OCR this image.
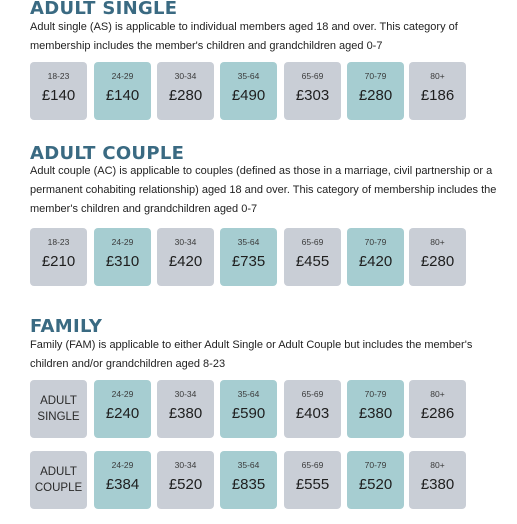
ADULT SINGLE

Adult single (AS) is applicable to individual members aged 18 and over. This category of membership includes the member's children and grandchildren aged 0-7

18-23
£140
24-29
£140
30-34
£280
35-64
£490
65-69
£303
70-79
£280
80+
£186
ADULT COUPLE

Adult couple (AC) is applicable to couples (defined as those in a marriage, civil partnership or a permanent cohabiting relationship) aged 18 and over. This category of membership includes the member's children and grandchildren aged 0-7

18-23
£210
24-29
£310
30-34
£420
35-64
£735
65-69
£455
70-79
£420
80+
£280
FAMILY

Family (FAM) is applicable to either Adult Single or Adult Couple but includes the member's children and/or grandchildren aged 8-23

ADULT
SINGLE
24-29
£240
30-34
£380
35-64
£590
65-69
£403
70-79
£380
80+
£286
ADULT
COUPLE
24-29
£384
30-34
£520
35-64
£835
65-69
£555
70-79
£520
80+
£380
